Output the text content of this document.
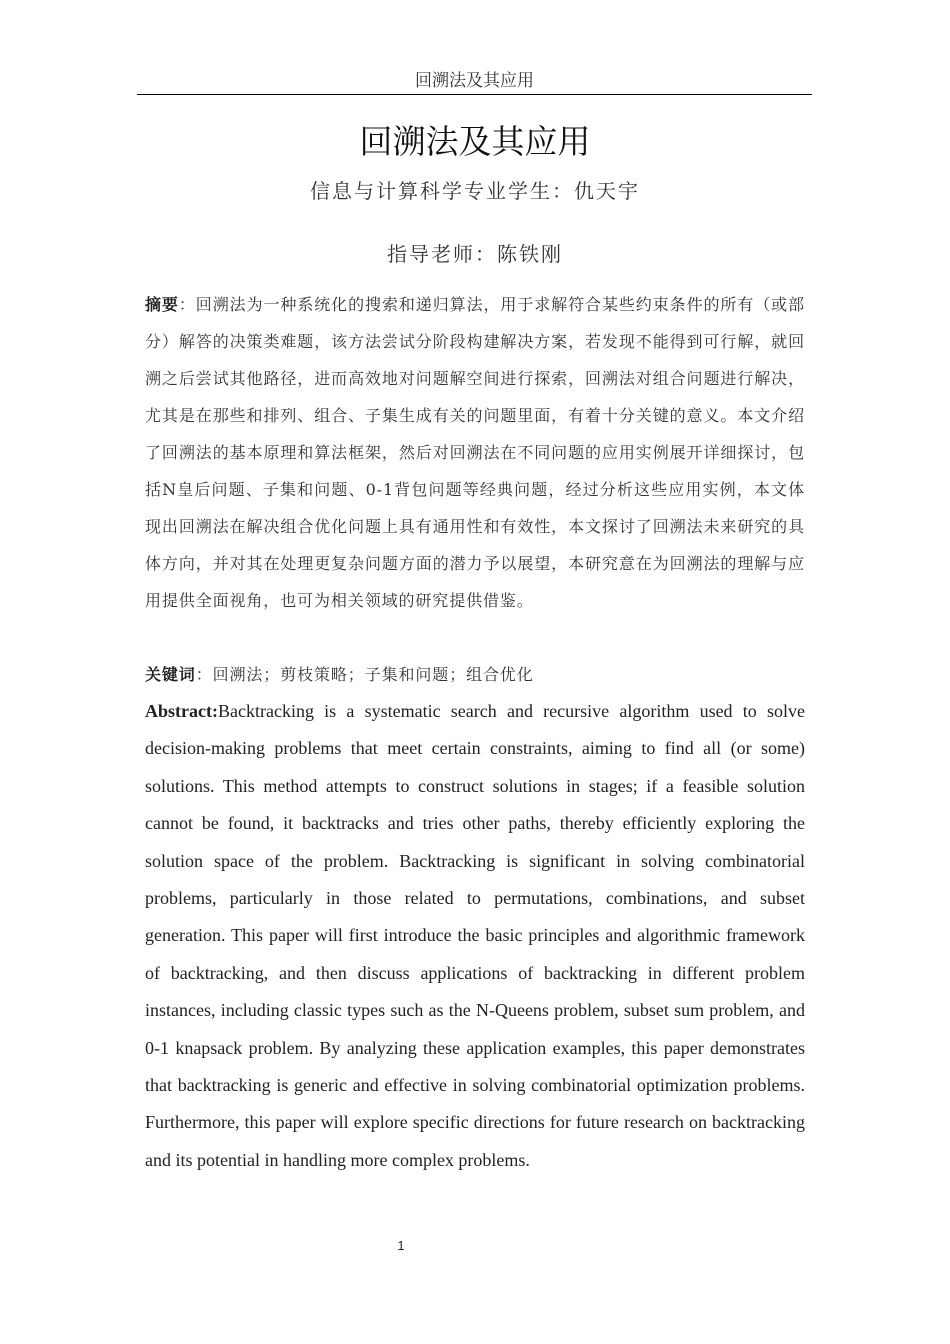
回溯法及其应用
回溯法及其应用
信息与计算科学专业学生：仇天宇
指导老师：陈铁刚
摘要：回溯法为一种系统化的搜索和递归算法，用于求解符合某些约束条件的所有（或部分）解答的决策类难题，该方法尝试分阶段构建解决方案，若发现不能得到可行解，就回溯之后尝试其他路径，进而高效地对问题解空间进行探索，回溯法对组合问题进行解决，尤其是在那些和排列、组合、子集生成有关的问题里面，有着十分关键的意义。本文介绍了回溯法的基本原理和算法框架，然后对回溯法在不同问题的应用实例展开详细探讨，包括N皇后问题、子集和问题、0-1背包问题等经典问题，经过分析这些应用实例，本文体现出回溯法在解决组合优化问题上具有通用性和有效性，本文探讨了回溯法未来研究的具体方向，并对其在处理更复杂问题方面的潜力予以展望，本研究意在为回溯法的理解与应用提供全面视角，也可为相关领域的研究提供借鉴。
关键词：回溯法；剪枝策略；子集和问题；组合优化
Abstract:Backtracking is a systematic search and recursive algorithm used to solve decision-making problems that meet certain constraints, aiming to find all (or some) solutions. This method attempts to construct solutions in stages; if a feasible solution cannot be found, it backtracks and tries other paths, thereby efficiently exploring the solution space of the problem. Backtracking is significant in solving combinatorial problems, particularly in those related to permutations, combinations, and subset generation. This paper will first introduce the basic principles and algorithmic framework of backtracking, and then discuss applications of backtracking in different problem instances, including classic types such as the N-Queens problem, subset sum problem, and 0-1 knapsack problem. By analyzing these application examples, this paper demonstrates that backtracking is generic and effective in solving combinatorial optimization problems. Furthermore, this paper will explore specific directions for future research on backtracking and its potential in handling more complex problems.
1
